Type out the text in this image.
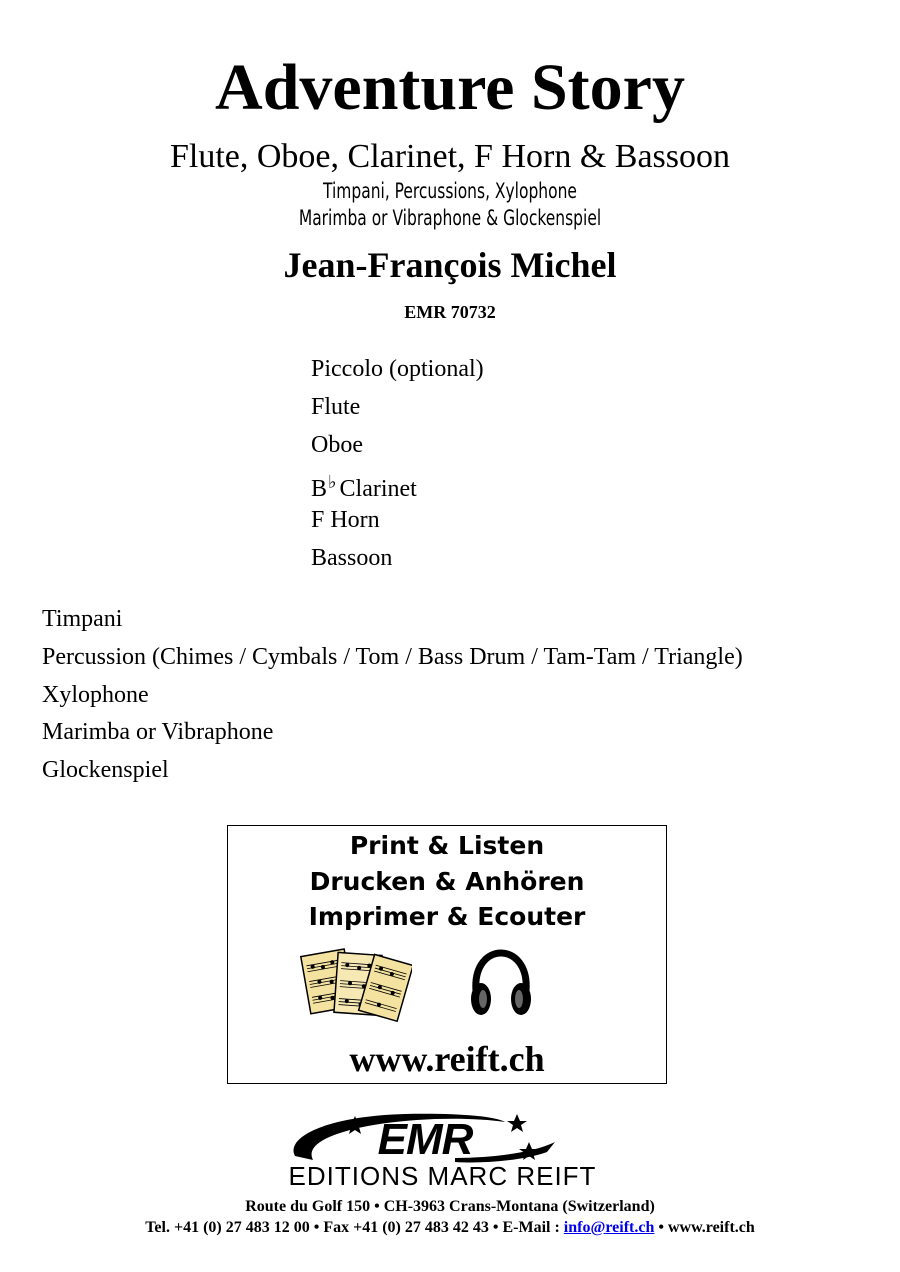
Adventure Story
Flute, Oboe, Clarinet, F Horn & Bassoon
Timpani, Percussions, Xylophone
Marimba or Vibraphone & Glockenspiel
Jean-François Michel
EMR 70732
Piccolo (optional)
Flute
Oboe
B♭ Clarinet
F Horn
Bassoon
Timpani
Percussion (Chimes / Cymbals / Tom / Bass Drum / Tam-Tam / Triangle)
Xylophone
Marimba or Vibraphone
Glockenspiel
Print & Listen
Drucken & Anhören
Imprimer & Ecouter
www.reift.ch
EMR
EDITIONS MARC REIFT
Route du Golf 150 • CH-3963 Crans-Montana (Switzerland)
Tel. +41 (0) 27 483 12 00 • Fax +41 (0) 27 483 42 43 • E-Mail : info@reift.ch • www.reift.ch
